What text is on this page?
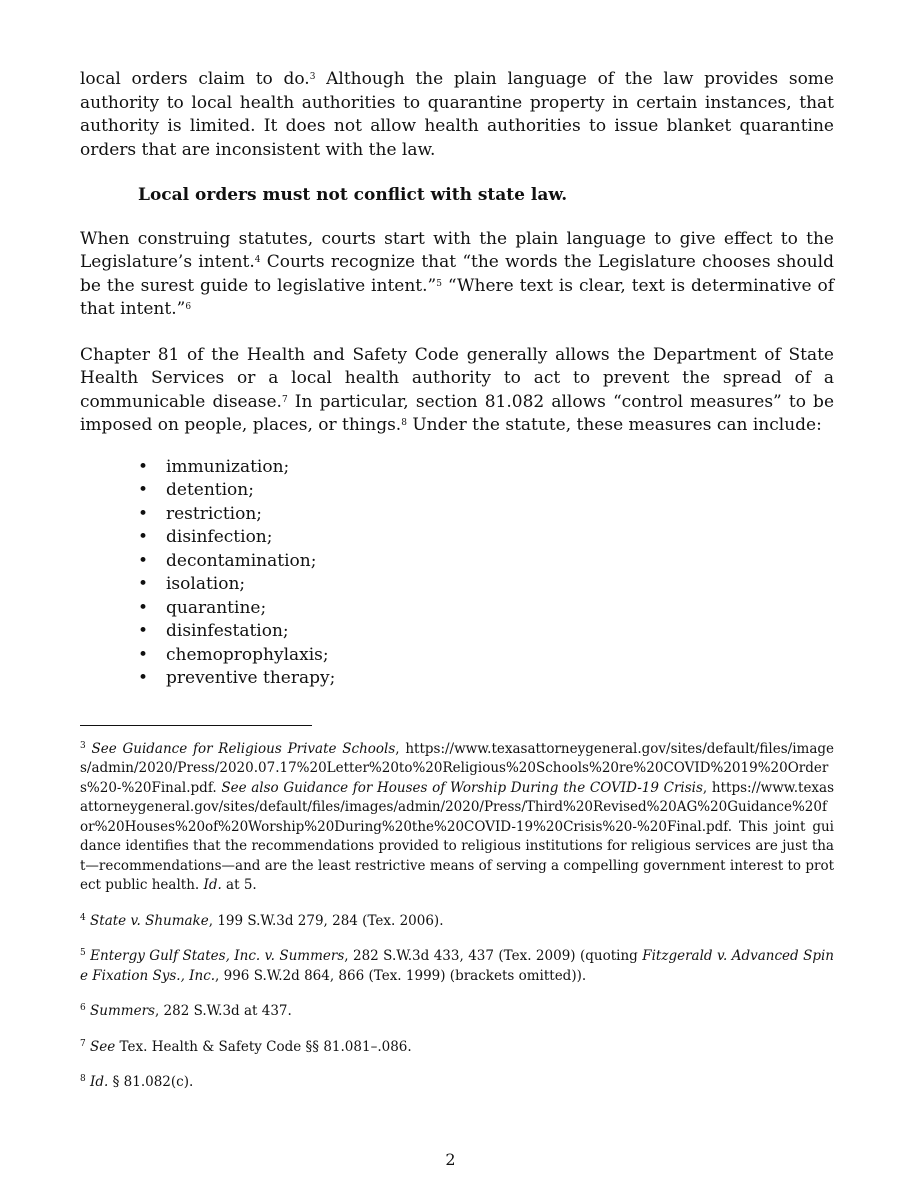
local orders claim to do.$^3$ Although the plain language of the law provides some authority to local health authorities to quarantine property in certain instances, that authority is limited. It does not allow health authorities to issue blanket quarantine orders that are inconsistent with the law.

Local orders must not conflict with state law.

When construing statutes, courts start with the plain language to give effect to the Legislature’s intent.$^4$ Courts recognize that “the words the Legislature chooses should be the surest guide to legislative intent.”$^5$ “Where text is clear, text is determinative of that intent.”$^6$

Chapter 81 of the Health and Safety Code generally allows the Department of State Health Services or a local health authority to act to prevent the spread of a communicable disease.$^7$ In particular, section 81.082 allows “control measures” to be imposed on people, places, or things.$^8$ Under the statute, these measures can include:

• immunization;
• detention;
• restriction;
• disinfection;
• decontamination;
• isolation;
• quarantine;
• disinfestation;
• chemoprophylaxis;
• preventive therapy;

$^3$ See Guidance for Religious Private Schools, https://www.texasattorneygeneral.gov/sites/default/files/images/admin/2020/Press/2020.07.17%20Letter%20to%20Religious%20Schools%20re%20COVID%2019%20Orders%20-%20Final.pdf. See also Guidance for Houses of Worship During the COVID-19 Crisis, https://www.texasattorneygeneral.gov/sites/default/files/images/admin/2020/Press/Third%20Revised%20AG%20Guidance%20for%20Houses%20of%20Worship%20During%20the%20COVID-19%20Crisis%20-%20Final.pdf. This joint guidance identifies that the recommendations provided to religious institutions for religious services are just that—recommendations—and are the least restrictive means of serving a compelling government interest to protect public health. Id. at 5.

$^4$ State v. Shumake, 199 S.W.3d 279, 284 (Tex. 2006).

$^5$ Entergy Gulf States, Inc. v. Summers, 282 S.W.3d 433, 437 (Tex. 2009) (quoting Fitzgerald v. Advanced Spine Fixation Sys., Inc., 996 S.W.2d 864, 866 (Tex. 1999) (brackets omitted)).

$^6$ Summers, 282 S.W.3d at 437.

$^7$ See Tex. Health & Safety Code §§ 81.081–.086.

$^8$ Id. § 81.082(c).

2
